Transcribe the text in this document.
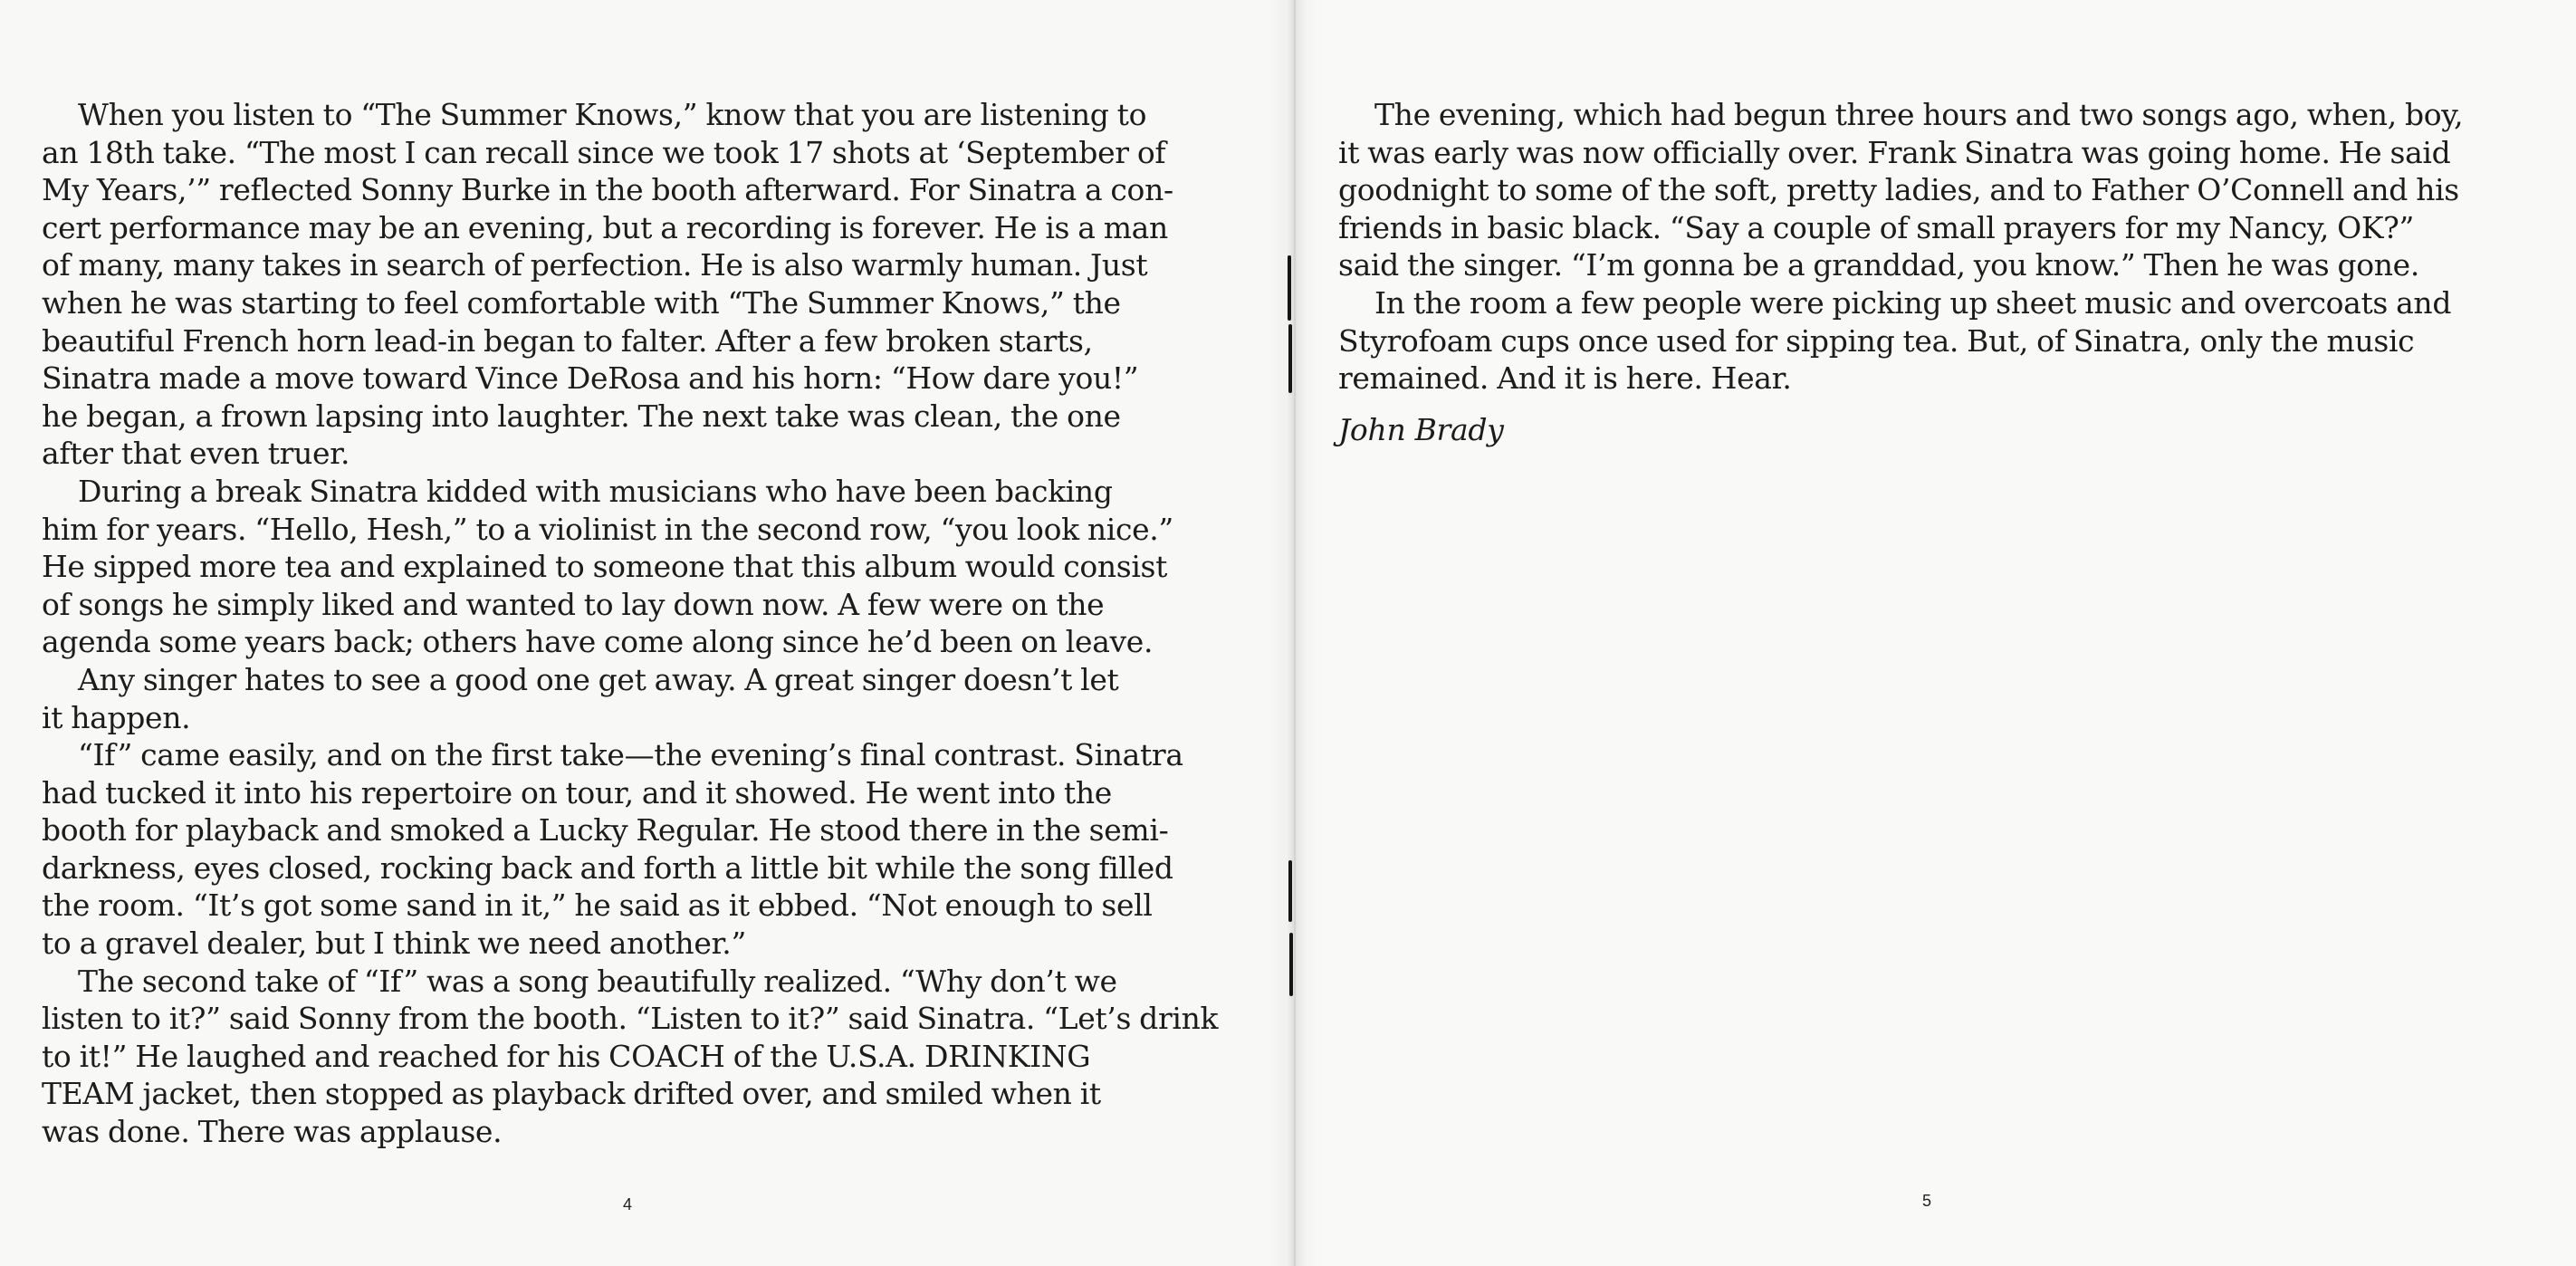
When you listen to “The Summer Knows,” know that you are listening to
an 18th take. “The most I can recall since we took 17 shots at ‘September of
My Years,’” reflected Sonny Burke in the booth afterward. For Sinatra a con-
cert performance may be an evening, but a recording is forever. He is a man
of many, many takes in search of perfection. He is also warmly human. Just
when he was starting to feel comfortable with “The Summer Knows,” the
beautiful French horn lead-in began to falter. After a few broken starts,
Sinatra made a move toward Vince DeRosa and his horn: “How dare you!”
he began, a frown lapsing into laughter. The next take was clean, the one
after that even truer.
During a break Sinatra kidded with musicians who have been backing
him for years. “Hello, Hesh,” to a violinist in the second row, “you look nice.”
He sipped more tea and explained to someone that this album would consist
of songs he simply liked and wanted to lay down now. A few were on the
agenda some years back; others have come along since he’d been on leave.
Any singer hates to see a good one get away. A great singer doesn’t let
it happen.
“If” came easily, and on the first take—the evening’s final contrast. Sinatra
had tucked it into his repertoire on tour, and it showed. He went into the
booth for playback and smoked a Lucky Regular. He stood there in the semi-
darkness, eyes closed, rocking back and forth a little bit while the song filled
the room. “It’s got some sand in it,” he said as it ebbed. “Not enough to sell
to a gravel dealer, but I think we need another.”
The second take of “If” was a song beautifully realized. “Why don’t we
listen to it?” said Sonny from the booth. “Listen to it?” said Sinatra. “Let’s drink
to it!” He laughed and reached for his COACH of the U.S.A. DRINKING
TEAM jacket, then stopped as playback drifted over, and smiled when it
was done. There was applause.
4
The evening, which had begun three hours and two songs ago, when, boy,
it was early was now officially over. Frank Sinatra was going home. He said
goodnight to some of the soft, pretty ladies, and to Father O’Connell and his
friends in basic black. “Say a couple of small prayers for my Nancy, OK?”
said the singer. “I’m gonna be a granddad, you know.” Then he was gone.
In the room a few people were picking up sheet music and overcoats and
Styrofoam cups once used for sipping tea. But, of Sinatra, only the music
remained. And it is here. Hear.
John Brady
5
